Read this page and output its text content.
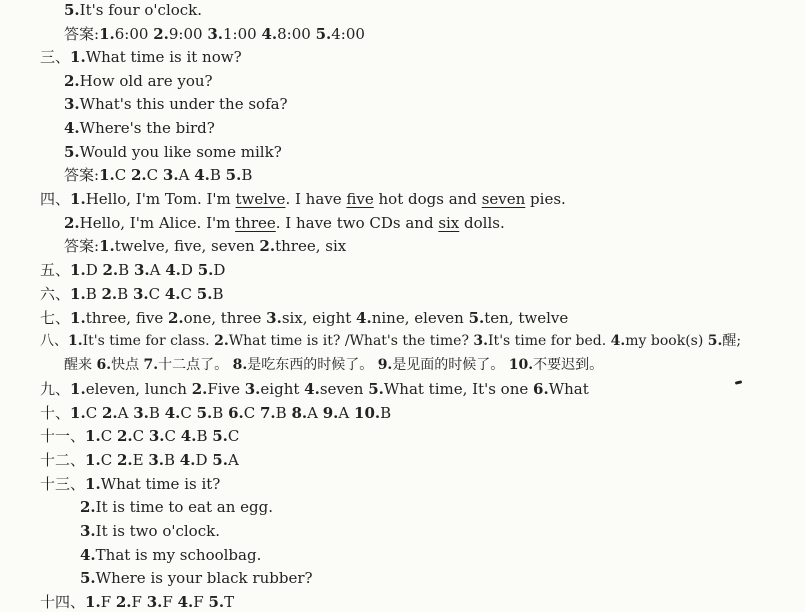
5.It's four o'clock.
答案:1.6:00 2.9:00 3.1:00 4.8:00 5.4:00
三、1.What time is it now?
2.How old are you?
3.What's this under the sofa?
4.Where's the bird?
5.Would you like some milk?
答案:1.C 2.C 3.A 4.B 5.B
四、1.Hello, I'm Tom. I'm twelve. I have five hot dogs and seven pies.
2.Hello, I'm Alice. I'm three. I have two CDs and six dolls.
答案:1.twelve, five, seven 2.three, six
五、1.D 2.B 3.A 4.D 5.D
六、1.B 2.B 3.C 4.C 5.B
七、1.three, five 2.one, three 3.six, eight 4.nine, eleven 5.ten, twelve
八、1.It's time for class. 2.What time is it? /What's the time? 3.It's time for bed. 4.my book(s) 5.醒;
醒来 6.快点 7.十二点了。 8.是吃东西的时候了。 9.是见面的时候了。 10.不要迟到。
九、1.eleven, lunch 2.Five 3.eight 4.seven 5.What time, It's one 6.What
十、1.C 2.A 3.B 4.C 5.B 6.C 7.B 8.A 9.A 10.B
十一、1.C 2.C 3.C 4.B 5.C
十二、1.C 2.E 3.B 4.D 5.A
十三、1.What time is it?
2.It is time to eat an egg.
3.It is two o'clock.
4.That is my schoolbag.
5.Where is your black rubber?
十四、1.F 2.F 3.F 4.F 5.T
